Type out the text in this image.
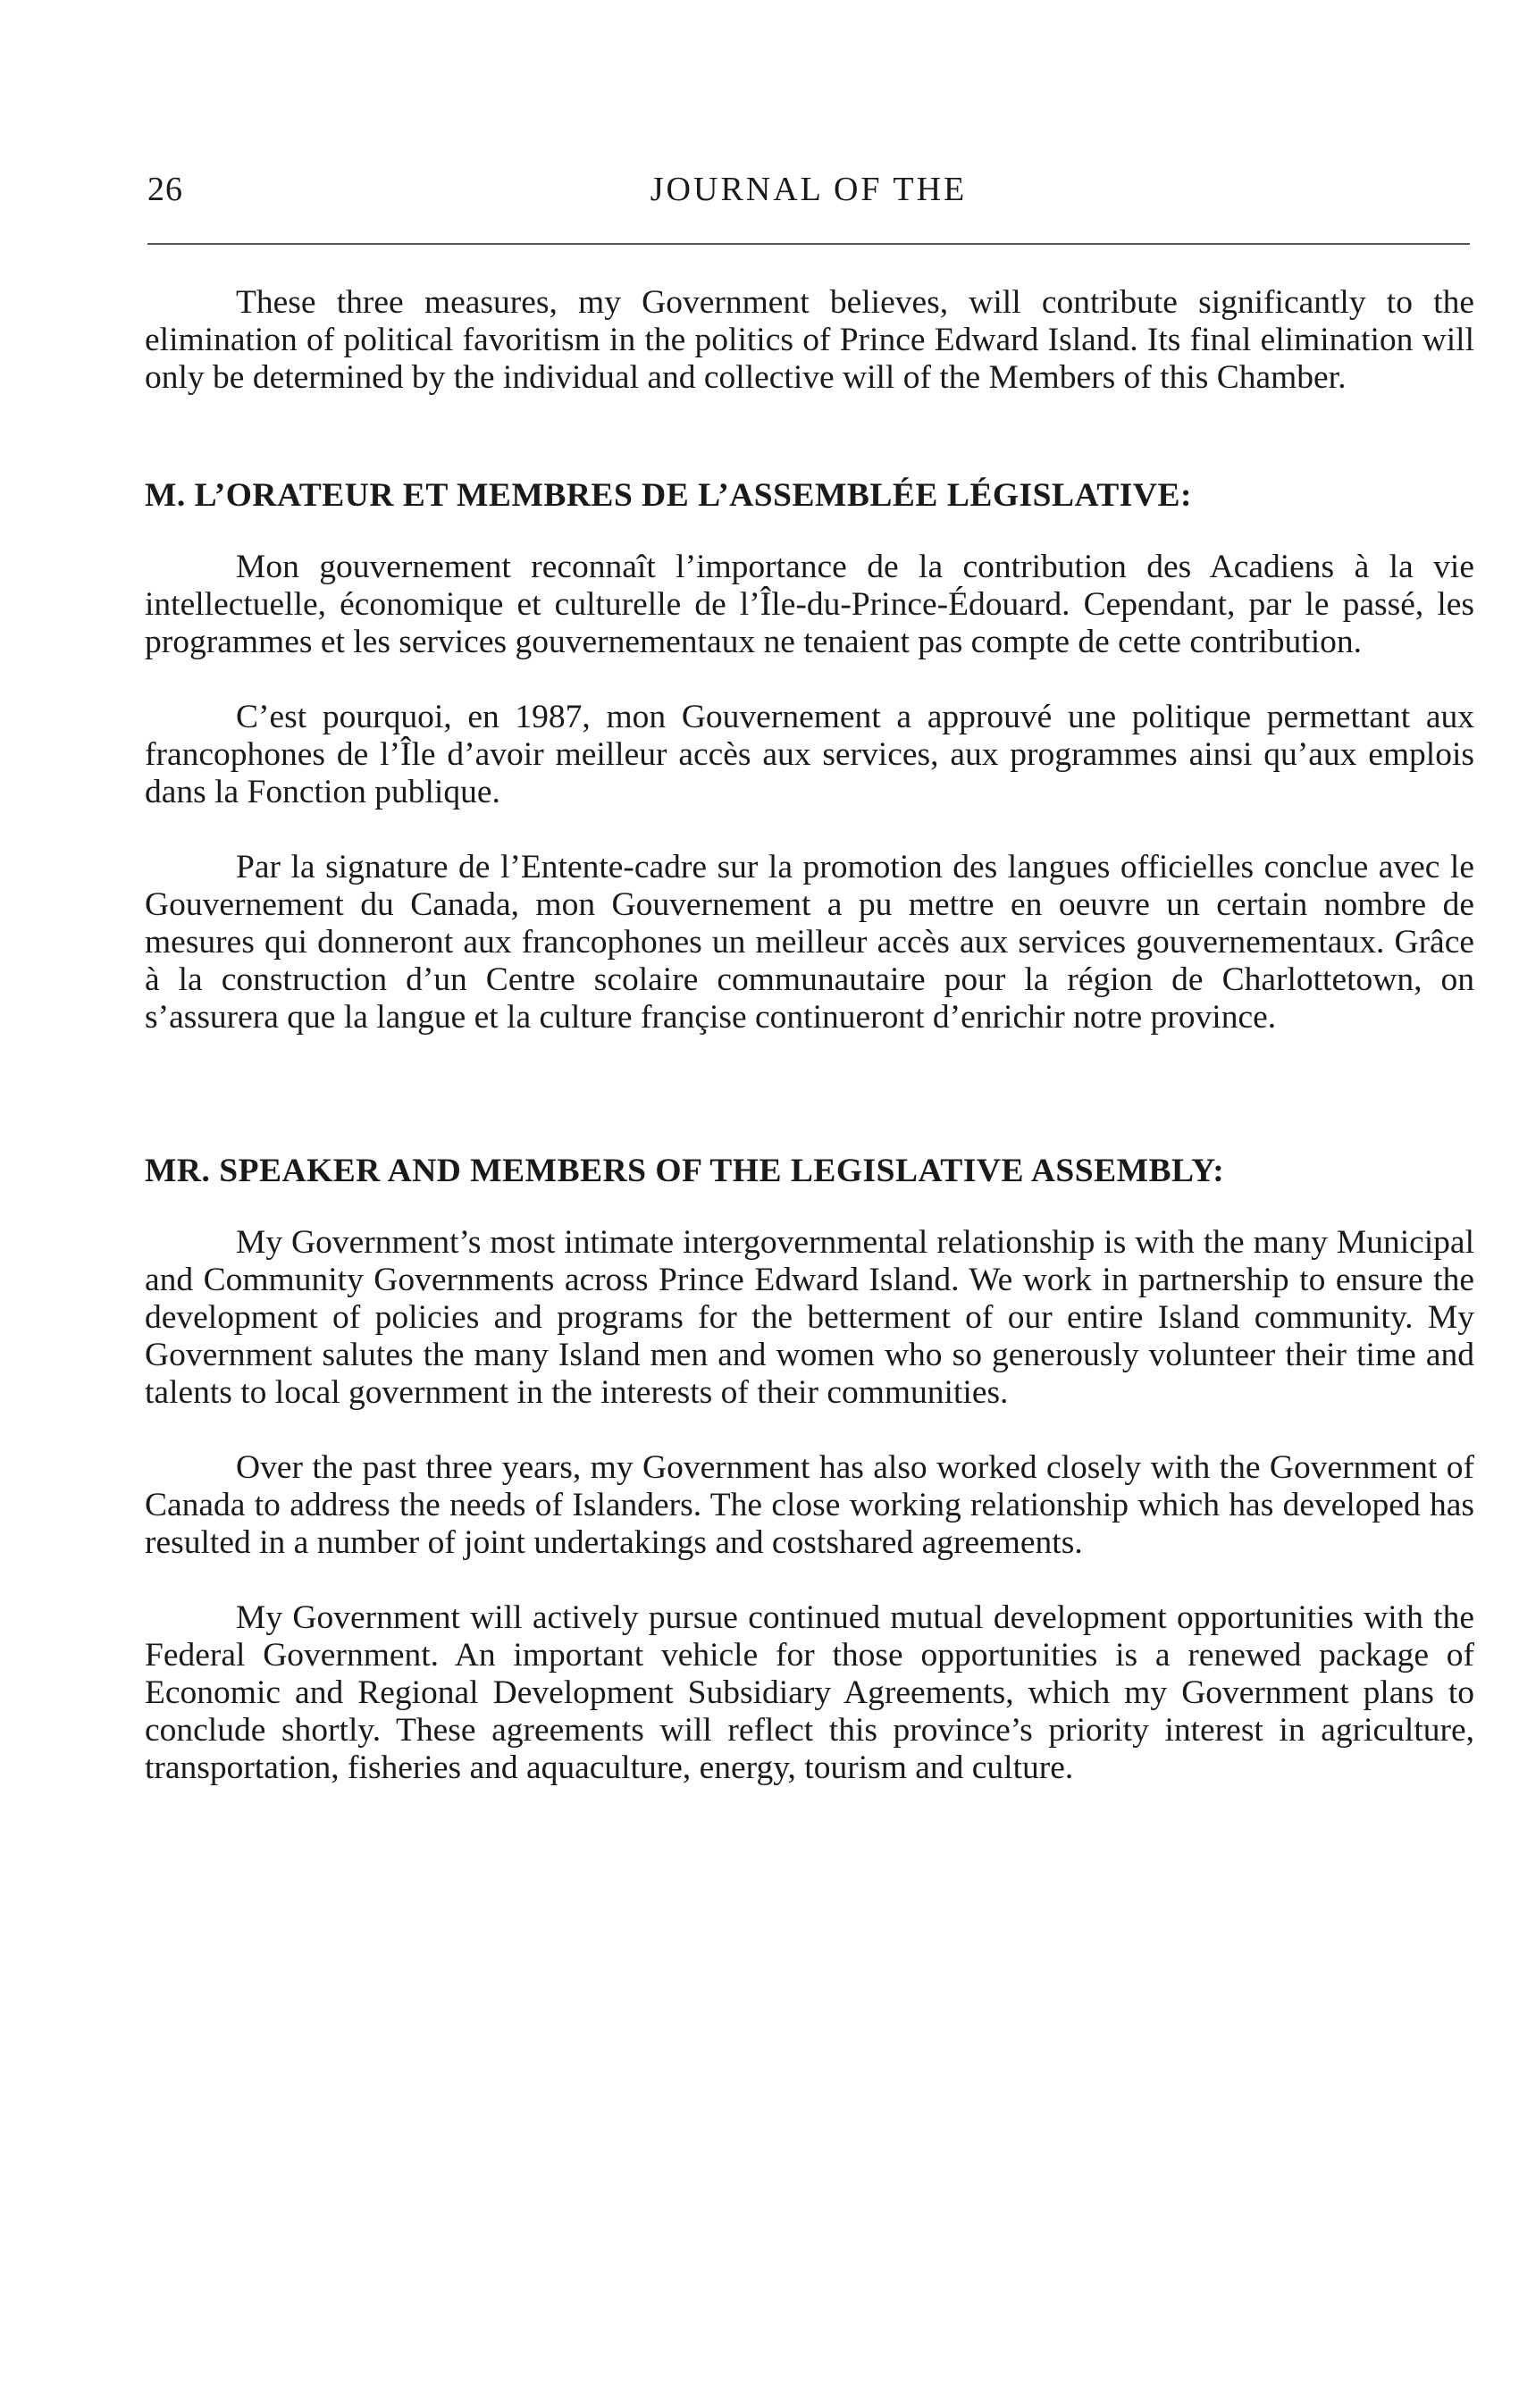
26	JOURNAL OF THE

These three measures, my Government believes, will contribute significantly to the elimination of political favoritism in the politics of Prince Edward Island. Its final elimination will only be determined by the individual and collective will of the Members of this Chamber.

M. L’ORATEUR ET MEMBRES DE L’ASSEMBLÉE LÉGISLATIVE:

Mon gouvernement reconnaît l’importance de la contribution des Acadiens à la vie intellectuelle, économique et culturelle de l’Île-du-Prince-Édouard. Cependant, par le passé, les programmes et les services gouvernementaux ne tenaient pas compte de cette contribution.

C’est pourquoi, en 1987, mon Gouvernement a approuvé une politique permettant aux francophones de l’Île d’avoir meilleur accès aux services, aux programmes ainsi qu’aux emplois dans la Fonction publique.

Par la signature de l’Entente-cadre sur la promotion des langues officielles conclue avec le Gouvernement du Canada, mon Gouvernement a pu mettre en oeuvre un certain nombre de mesures qui donneront aux francophones un meilleur accès aux services gouvernementaux. Grâce à la construction d’un Centre scolaire communautaire pour la région de Charlottetown, on s’assurera que la langue et la culture françise continueront d’enrichir notre province.

MR. SPEAKER AND MEMBERS OF THE LEGISLATIVE ASSEMBLY:

My Government’s most intimate intergovernmental relationship is with the many Municipal and Community Governments across Prince Edward Island. We work in partnership to ensure the development of policies and programs for the betterment of our entire Island community. My Government salutes the many Island men and women who so generously volunteer their time and talents to local government in the interests of their communities.

Over the past three years, my Government has also worked closely with the Government of Canada to address the needs of Islanders. The close working relationship which has developed has resulted in a number of joint undertakings and costshared agreements.

My Government will actively pursue continued mutual development opportunities with the Federal Government. An important vehicle for those opportunities is a renewed package of Economic and Regional Development Subsidiary Agreements, which my Government plans to conclude shortly. These agreements will reflect this province’s priority interest in agriculture, transportation, fisheries and aquaculture, energy, tourism and culture.
